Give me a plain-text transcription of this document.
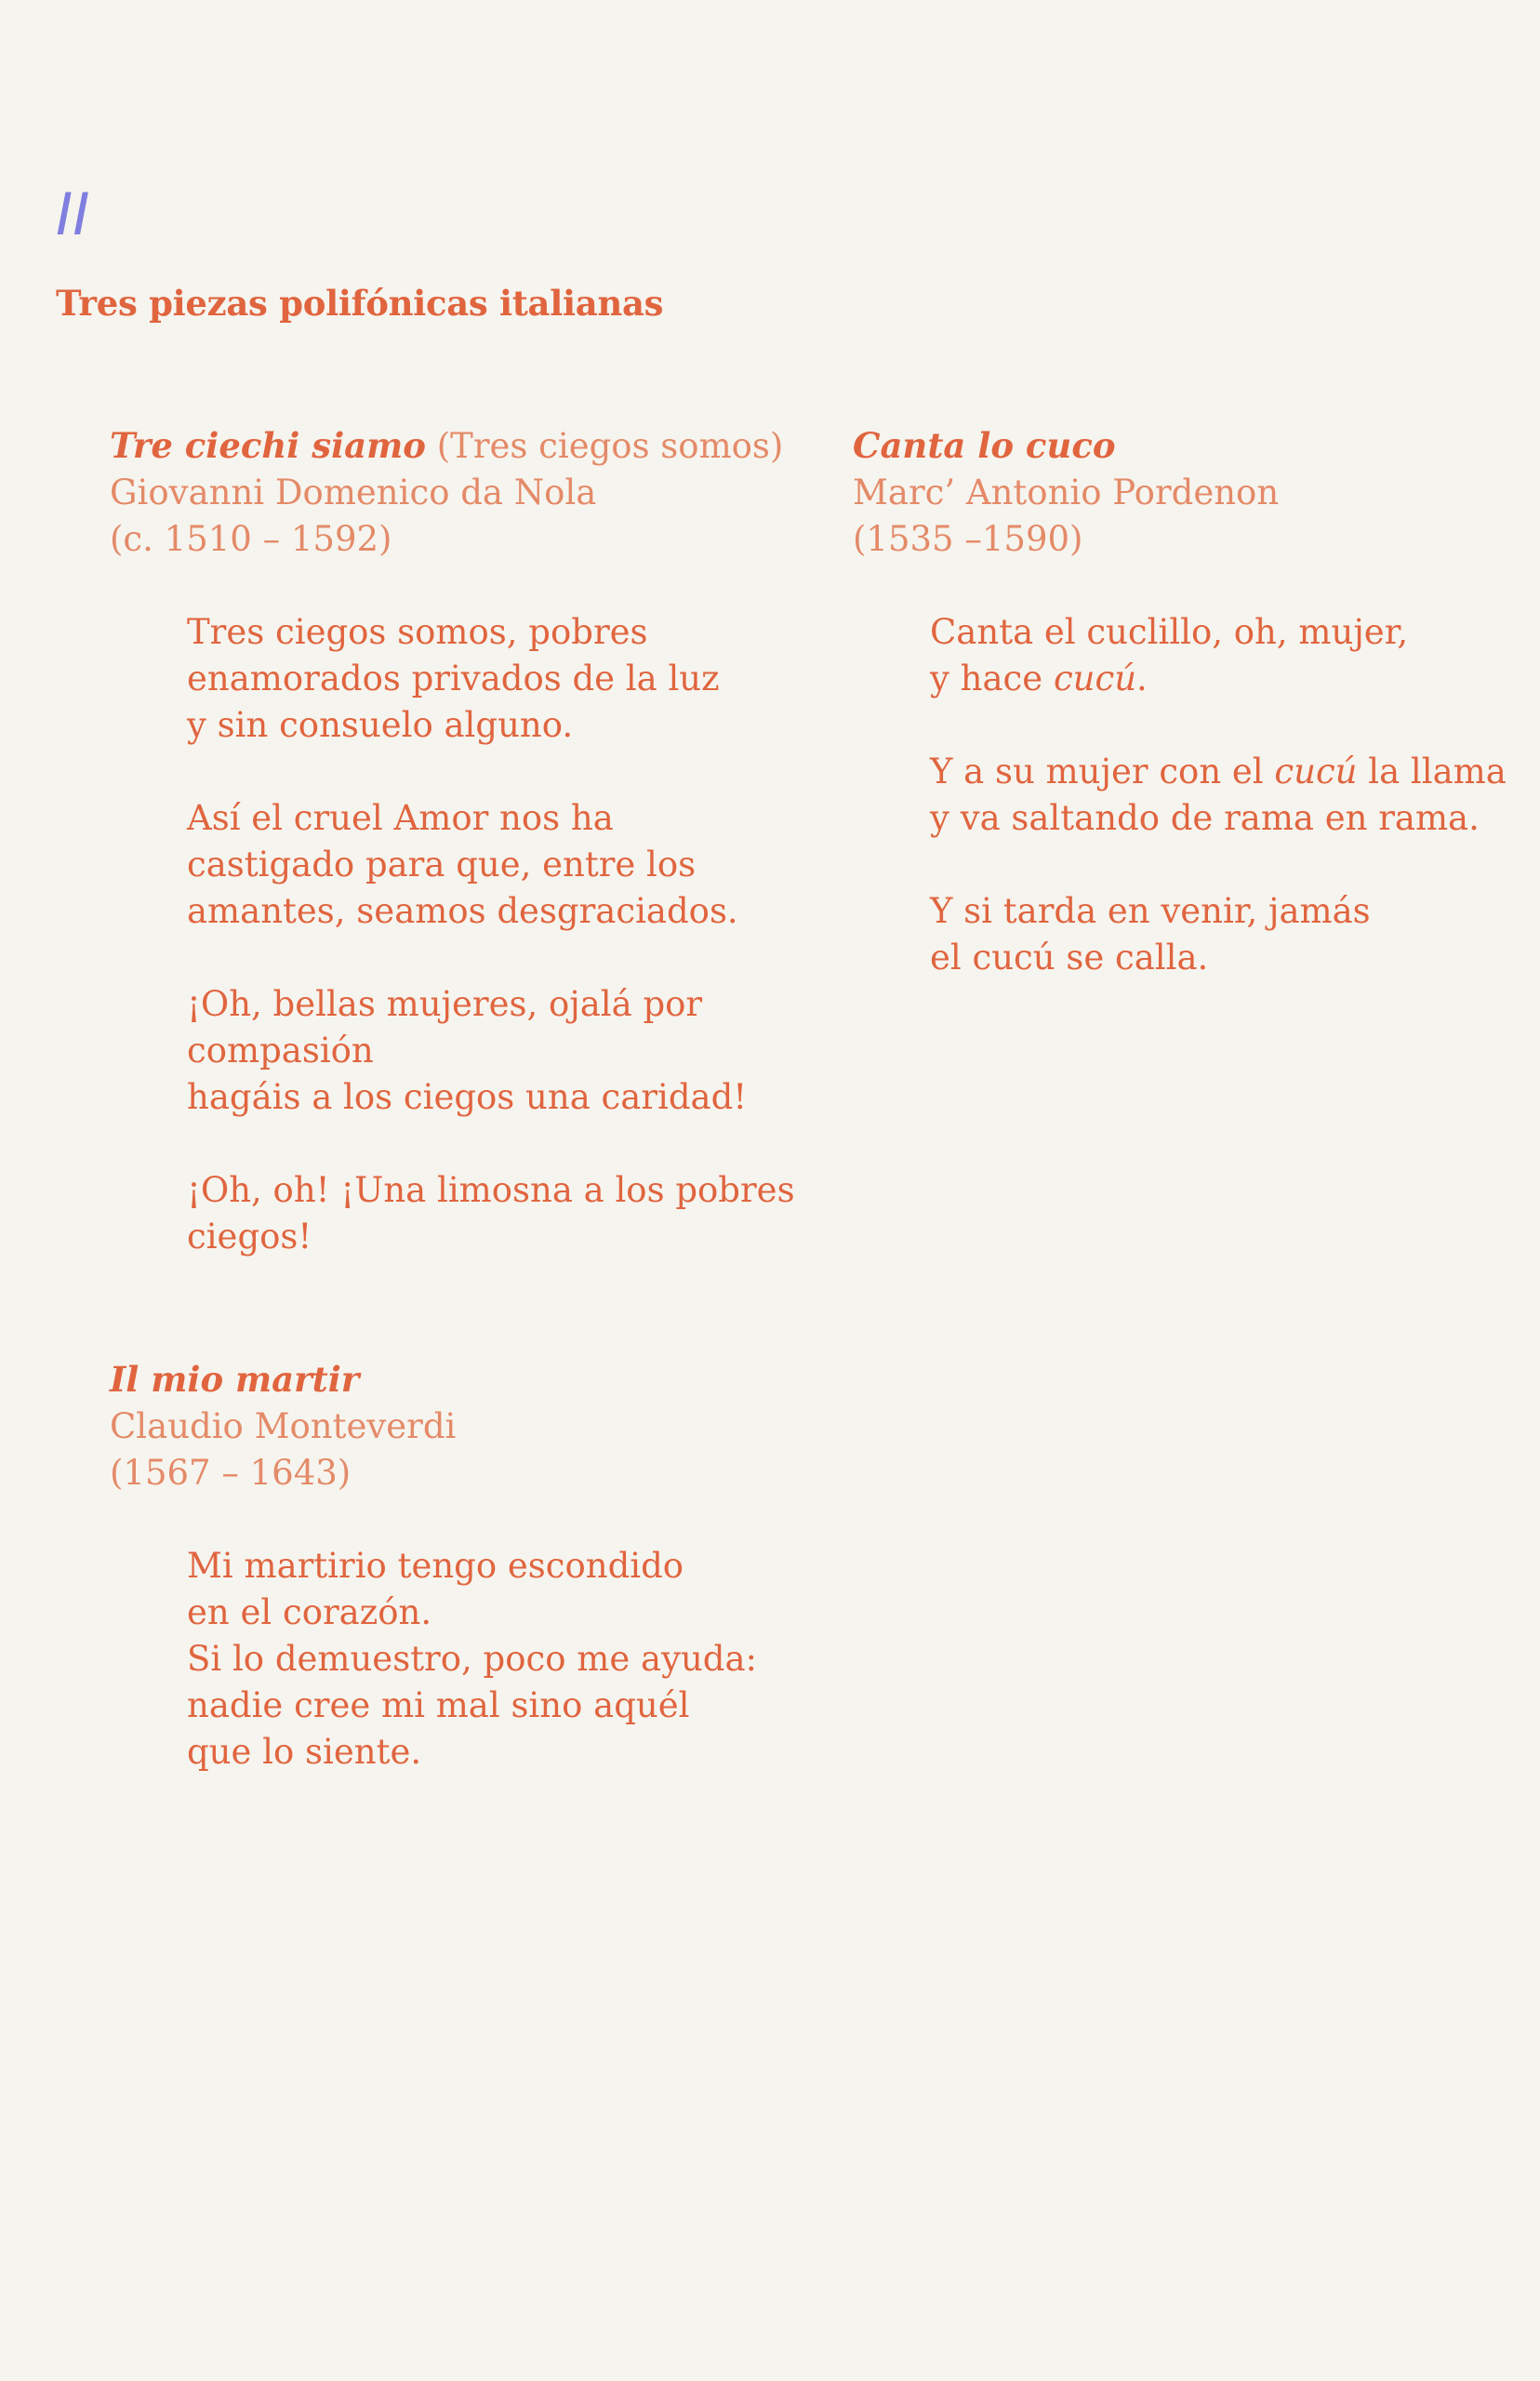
II
Tres piezas polifónicas italianas
Tre ciechi siamo (Tres ciegos somos)
Giovanni Domenico da Nola
(c. 1510 – 1592)

Tres ciegos somos, pobres
enamorados privados de la luz
y sin consuelo alguno.

Así el cruel Amor nos ha
castigado para que, entre los
amantes, seamos desgraciados.

¡Oh, bellas mujeres, ojalá por
compasión
hagáis a los ciegos una caridad!

¡Oh, oh! ¡Una limosna a los pobres
ciegos!

Canta lo cuco
Marc’ Antonio Pordenon
(1535 –1590)

Canta el cuclillo, oh, mujer,
y hace cucú.

Y a su mujer con el cucú la llama
y va saltando de rama en rama.

Y si tarda en venir, jamás
el cucú se calla.

Il mio martir
Claudio Monteverdi
(1567 – 1643)

Mi martirio tengo escondido
en el corazón.
Si lo demuestro, poco me ayuda:
nadie cree mi mal sino aquél
que lo siente.
